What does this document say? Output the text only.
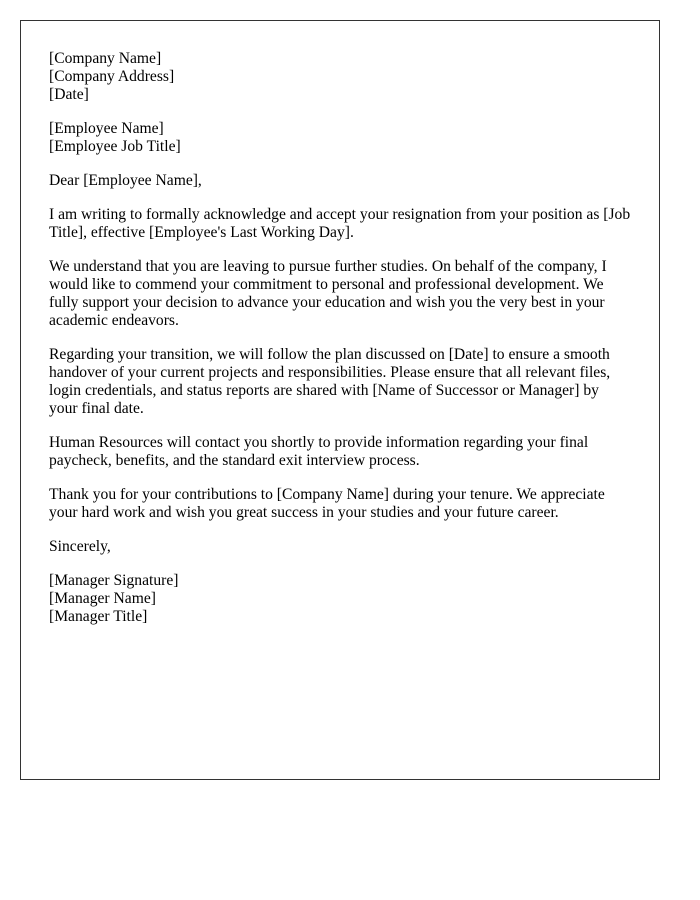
[Company Name]
[Company Address]
[Date]
[Employee Name]
[Employee Job Title]

Dear [Employee Name],

I am writing to formally acknowledge and accept your resignation from your position as [Job Title], effective [Employee's Last Working Day].

We understand that you are leaving to pursue further studies. On behalf of the company, I would like to commend your commitment to personal and professional development. We fully support your decision to advance your education and wish you the very best in your academic endeavors.

Regarding your transition, we will follow the plan discussed on [Date] to ensure a smooth handover of your current projects and responsibilities. Please ensure that all relevant files, login credentials, and status reports are shared with [Name of Successor or Manager] by your final date.

Human Resources will contact you shortly to provide information regarding your final paycheck, benefits, and the standard exit interview process.

Thank you for your contributions to [Company Name] during your tenure. We appreciate your hard work and wish you great success in your studies and your future career.

Sincerely,

[Manager Signature]
[Manager Name]
[Manager Title]
